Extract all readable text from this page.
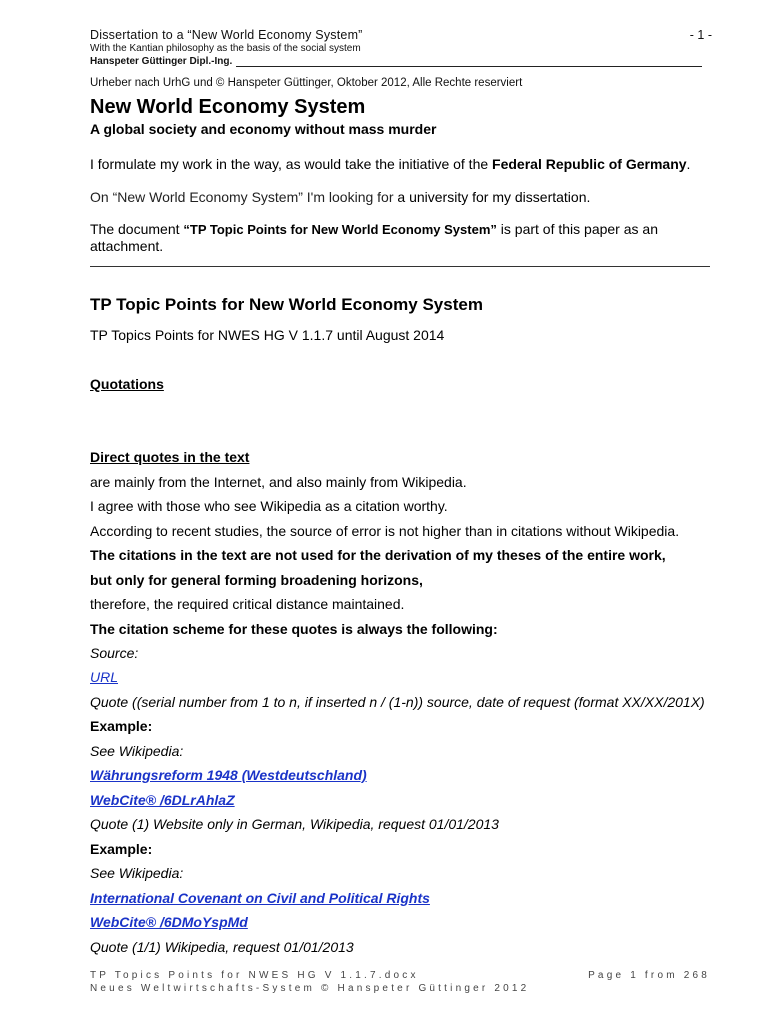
Dissertation to a “New World Economy System”	- 1 -
With the Kantian philosophy as the basis of the social system
Hanspeter Güttinger Dipl.-Ing.
Urheber nach UrhG und © Hanspeter Güttinger, Oktober 2012, Alle Rechte reserviert
New World Economy System
A global society and economy without mass murder
I formulate my work in the way, as would take the initiative of the Federal Republic of Germany.
On “New World Economy System” I'm looking for a university for my dissertation.
The document “TP Topic Points for New World Economy System” is part of this paper as an attachment.
TP Topic Points for New World Economy System
TP Topics Points for NWES HG V 1.1.7 until August 2014
Quotations
Direct quotes in the text
are mainly from the Internet, and also mainly from Wikipedia.
I agree with those who see Wikipedia as a citation worthy.
According to recent studies, the source of error is not higher than in citations without Wikipedia.
The citations in the text are not used for the derivation of my theses of the entire work,
but only for general forming broadening horizons,
therefore, the required critical distance maintained.
The citation scheme for these quotes is always the following:
Source:
URL
Quote ((serial number from 1 to n, if inserted n / (1-n)) source, date of request (format XX/XX/201X)
Example:
See Wikipedia:
Währungsreform 1948 (Westdeutschland)
WebCite® /6DLrAhlaZ
Quote (1) Website only in German, Wikipedia, request 01/01/2013
Example:
See Wikipedia:
International Covenant on Civil and Political Rights
WebCite® /6DMoYspMd
Quote (1/1) Wikipedia, request 01/01/2013
TP Topics Points for NWES HG V 1.1.7.docx	Page 1 from 268
Neues Weltwirtschafts-System © Hanspeter Güttinger 2012
